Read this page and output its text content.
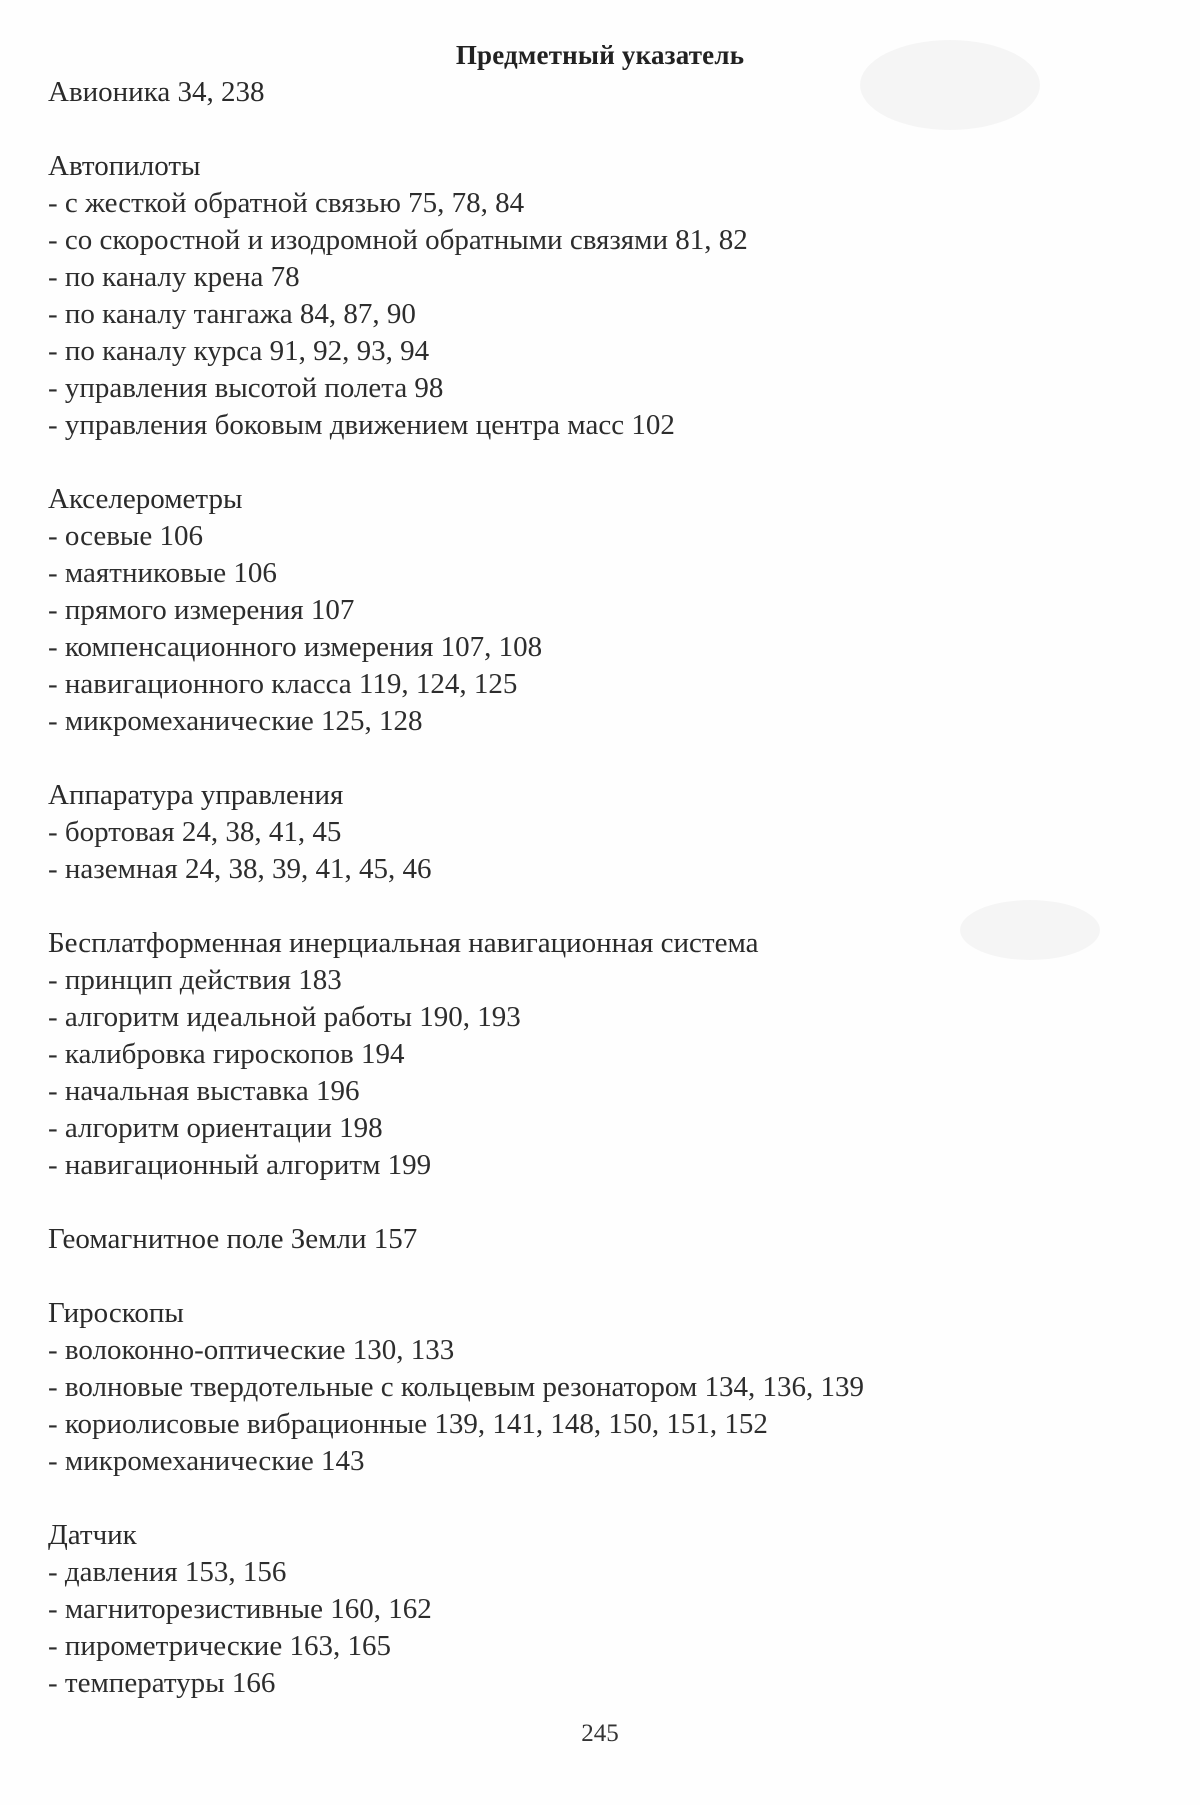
Предметный указатель
Авионика 34, 238
Автопилоты
- с жесткой обратной связью 75, 78, 84
- со скоростной и изодромной обратными связями 81, 82
- по каналу крена 78
- по каналу тангажа 84, 87, 90
- по каналу курса 91, 92, 93, 94
- управления высотой полета 98
- управления боковым движением центра масс 102
Акселерометры
- осевые 106
- маятниковые 106
- прямого измерения 107
- компенсационного измерения 107, 108
- навигационного класса 119, 124, 125
- микромеханические 125, 128
Аппаратура управления
- бортовая 24, 38, 41, 45
- наземная 24, 38, 39, 41, 45, 46
Бесплатформенная инерциальная навигационная система
- принцип действия 183
- алгоритм идеальной работы 190, 193
- калибровка гироскопов 194
- начальная выставка 196
- алгоритм ориентации 198
- навигационный алгоритм 199
Геомагнитное поле Земли 157
Гироскопы
- волоконно-оптические 130, 133
- волновые твердотельные с кольцевым резонатором 134, 136, 139
- кориолисовые вибрационные 139, 141, 148, 150, 151, 152
- микромеханические 143
Датчик
- давления 153, 156
- магниторезистивные 160, 162
- пирометрические 163, 165
- температуры 166
245
